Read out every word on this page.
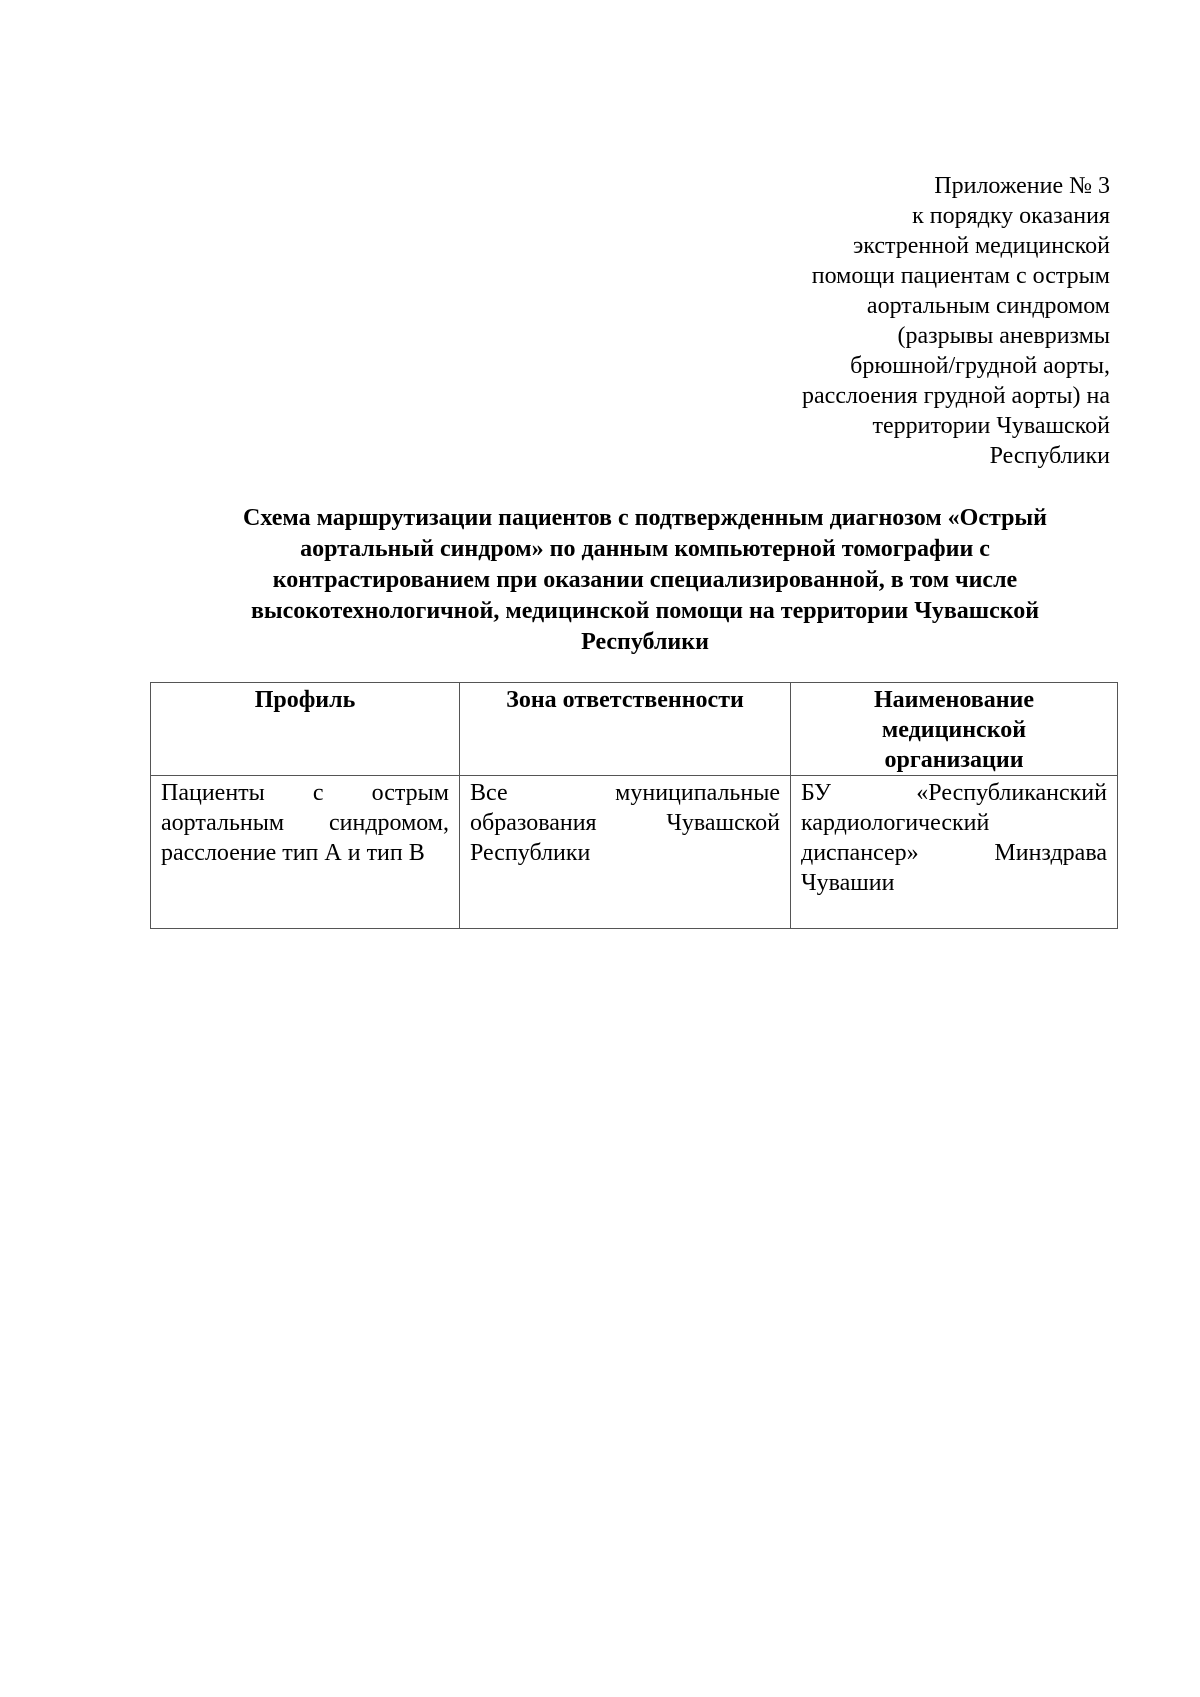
Приложение № 3
к порядку оказания
экстренной медицинской
помощи пациентам с острым
аортальным синдромом
(разрывы аневризмы
брюшной/грудной аорты,
расслоения грудной аорты) на
территории Чувашской
Республики
Схема маршрутизации пациентов с подтвержденным диагнозом «Острый
аортальный синдром» по данным компьютерной томографии с
контрастированием при оказании специализированной, в том числе
высокотехнологичной, медицинской помощи на территории Чувашской
Республики
Профиль	Зона ответственности	Наименование
медицинской
организации

Пациенты с острым аортальным синдромом, расслоение тип А и тип В	Все муниципальные образования Чувашской Республики	БУ «Республиканский кардиологический диспансер» Минздрава Чувашии
